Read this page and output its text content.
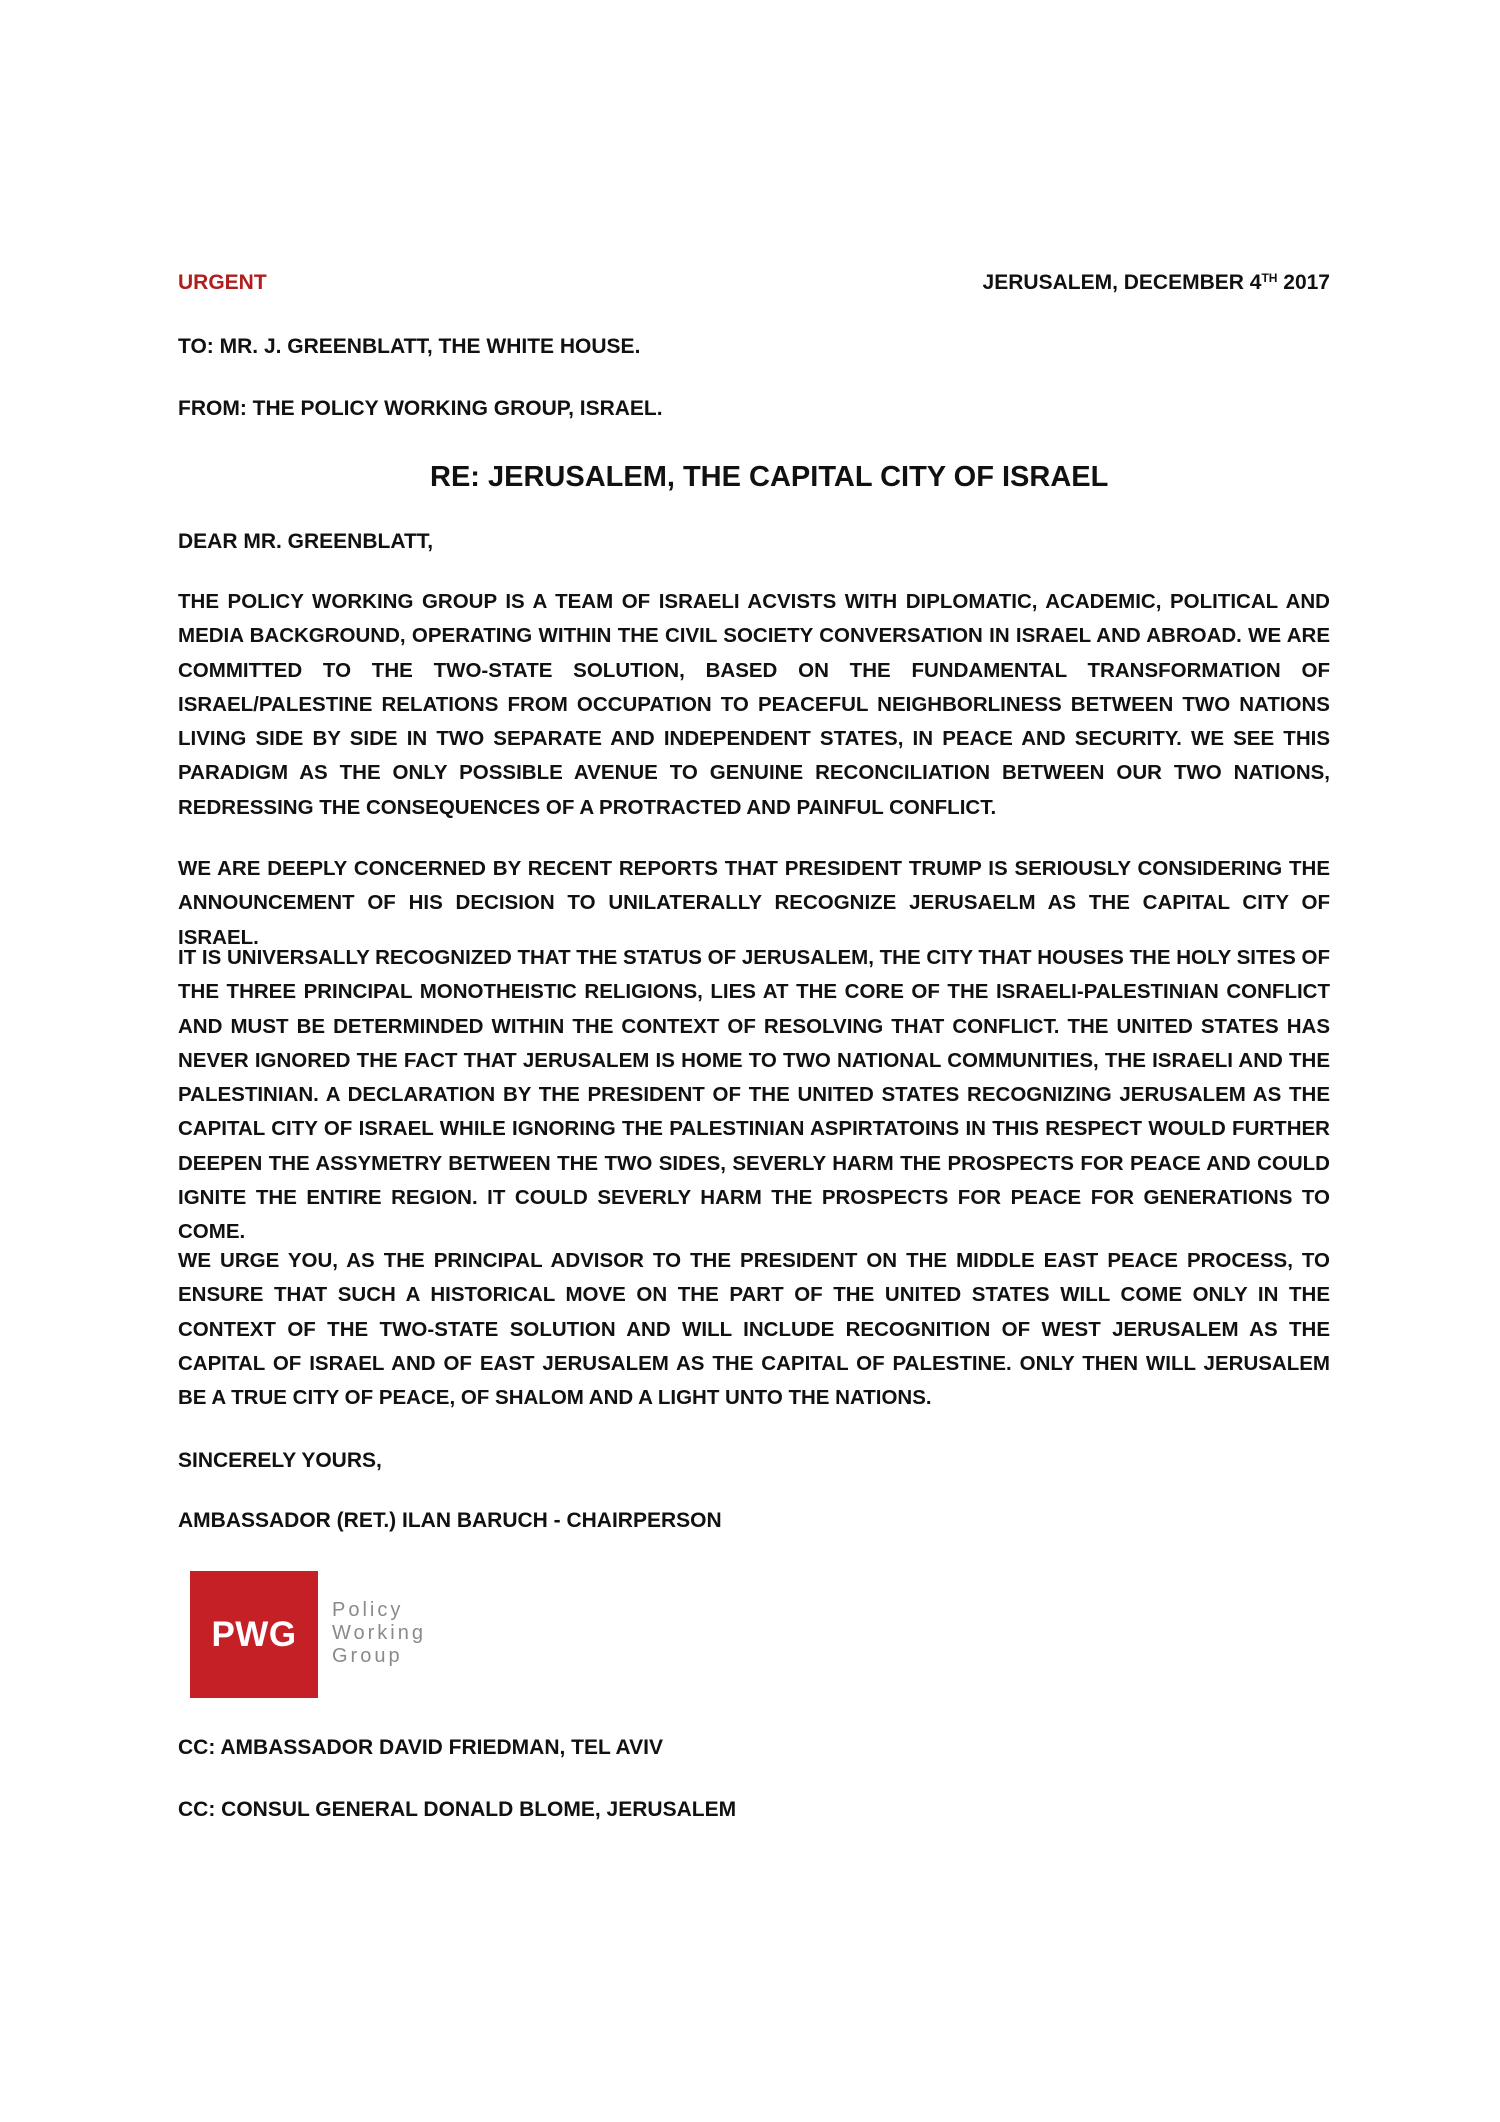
URGENT	JERUSALEM, DECEMBER 4TH 2017
TO: MR. J. GREENBLATT, THE WHITE HOUSE.
FROM: THE POLICY WORKING GROUP, ISRAEL.
RE: JERUSALEM, THE CAPITAL CITY OF ISRAEL
DEAR MR. GREENBLATT,

THE POLICY WORKING GROUP IS A TEAM OF ISRAELI ACVISTS WITH DIPLOMATIC, ACADEMIC, POLITICAL AND MEDIA BACKGROUND, OPERATING WITHIN THE CIVIL SOCIETY CONVERSATION IN ISRAEL AND ABROAD. WE ARE COMMITTED TO THE TWO-STATE SOLUTION, BASED ON THE FUNDAMENTAL TRANSFORMATION OF ISRAEL/PALESTINE RELATIONS FROM OCCUPATION TO PEACEFUL NEIGHBORLINESS BETWEEN TWO NATIONS LIVING SIDE BY SIDE IN TWO SEPARATE AND INDEPENDENT STATES, IN PEACE AND SECURITY. WE SEE THIS PARADIGM AS THE ONLY POSSIBLE AVENUE TO GENUINE RECONCILIATION BETWEEN OUR TWO NATIONS, REDRESSING THE CONSEQUENCES OF A PROTRACTED AND PAINFUL CONFLICT.

WE ARE DEEPLY CONCERNED BY RECENT REPORTS THAT PRESIDENT TRUMP IS SERIOUSLY CONSIDERING THE ANNOUNCEMENT OF HIS DECISION TO UNILATERALLY RECOGNIZE JERUSAELM AS THE CAPITAL CITY OF ISRAEL.

IT IS UNIVERSALLY RECOGNIZED THAT THE STATUS OF JERUSALEM, THE CITY THAT HOUSES THE HOLY SITES OF THE THREE PRINCIPAL MONOTHEISTIC RELIGIONS, LIES AT THE CORE OF THE ISRAELI-PALESTINIAN CONFLICT AND MUST BE DETERMINDED WITHIN THE CONTEXT OF RESOLVING THAT CONFLICT. THE UNITED STATES HAS NEVER IGNORED THE FACT THAT JERUSALEM IS HOME TO TWO NATIONAL COMMUNITIES, THE ISRAELI AND THE PALESTINIAN. A DECLARATION BY THE PRESIDENT OF THE UNITED STATES RECOGNIZING JERUSALEM AS THE CAPITAL CITY OF ISRAEL WHILE IGNORING THE PALESTINIAN ASPIRTATOINS IN THIS RESPECT WOULD FURTHER DEEPEN THE ASSYMETRY BETWEEN THE TWO SIDES, SEVERLY HARM THE PROSPECTS FOR PEACE AND COULD IGNITE THE ENTIRE REGION. IT COULD SEVERLY HARM THE PROSPECTS FOR PEACE FOR GENERATIONS TO COME.

WE URGE YOU, AS THE PRINCIPAL ADVISOR TO THE PRESIDENT ON THE MIDDLE EAST PEACE PROCESS, TO ENSURE THAT SUCH A HISTORICAL MOVE ON THE PART OF THE UNITED STATES WILL COME ONLY IN THE CONTEXT OF THE TWO-STATE SOLUTION AND WILL INCLUDE RECOGNITION OF WEST JERUSALEM AS THE CAPITAL OF ISRAEL AND OF EAST JERUSALEM AS THE CAPITAL OF PALESTINE. ONLY THEN WILL JERUSALEM BE A TRUE CITY OF PEACE, OF SHALOM AND A LIGHT UNTO THE NATIONS.

SINCERELY YOURS,
AMBASSADOR (RET.) ILAN BARUCH - CHAIRPERSON
PWG
Policy
Working
Group
CC: AMBASSADOR DAVID FRIEDMAN, TEL AVIV
CC: CONSUL GENERAL DONALD BLOME, JERUSALEM
